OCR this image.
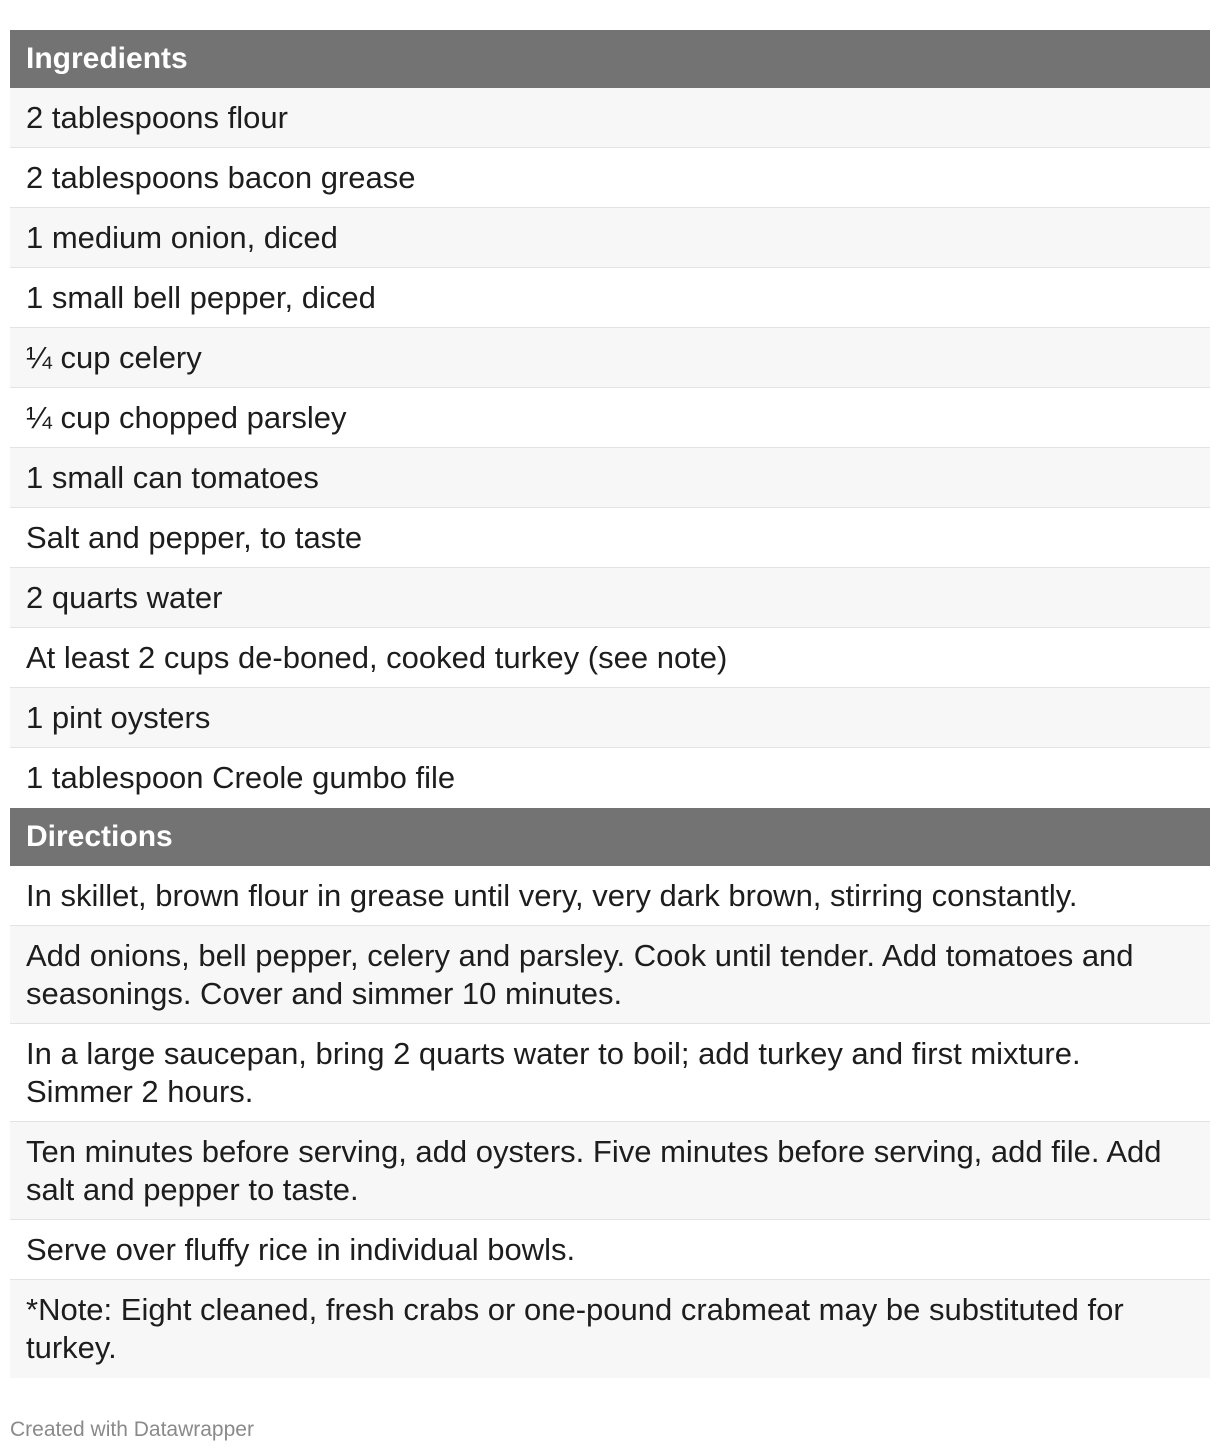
Ingredients
2 tablespoons flour
2 tablespoons bacon grease
1 medium onion, diced
1 small bell pepper, diced
¼ cup celery
¼ cup chopped parsley
1 small can tomatoes
Salt and pepper, to taste
2 quarts water
At least 2 cups de-boned, cooked turkey (see note)
1 pint oysters
1 tablespoon Creole gumbo file
Directions
In skillet, brown flour in grease until very, very dark brown, stirring constantly.
Add onions, bell pepper, celery and parsley. Cook until tender. Add tomatoes and seasonings. Cover and simmer 10 minutes.
In a large saucepan, bring 2 quarts water to boil; add turkey and first mixture. Simmer 2 hours.
Ten minutes before serving, add oysters. Five minutes before serving, add file. Add salt and pepper to taste.
Serve over fluffy rice in individual bowls.
*Note: Eight cleaned, fresh crabs or one-pound crabmeat may be substituted for turkey.
Created with Datawrapper
